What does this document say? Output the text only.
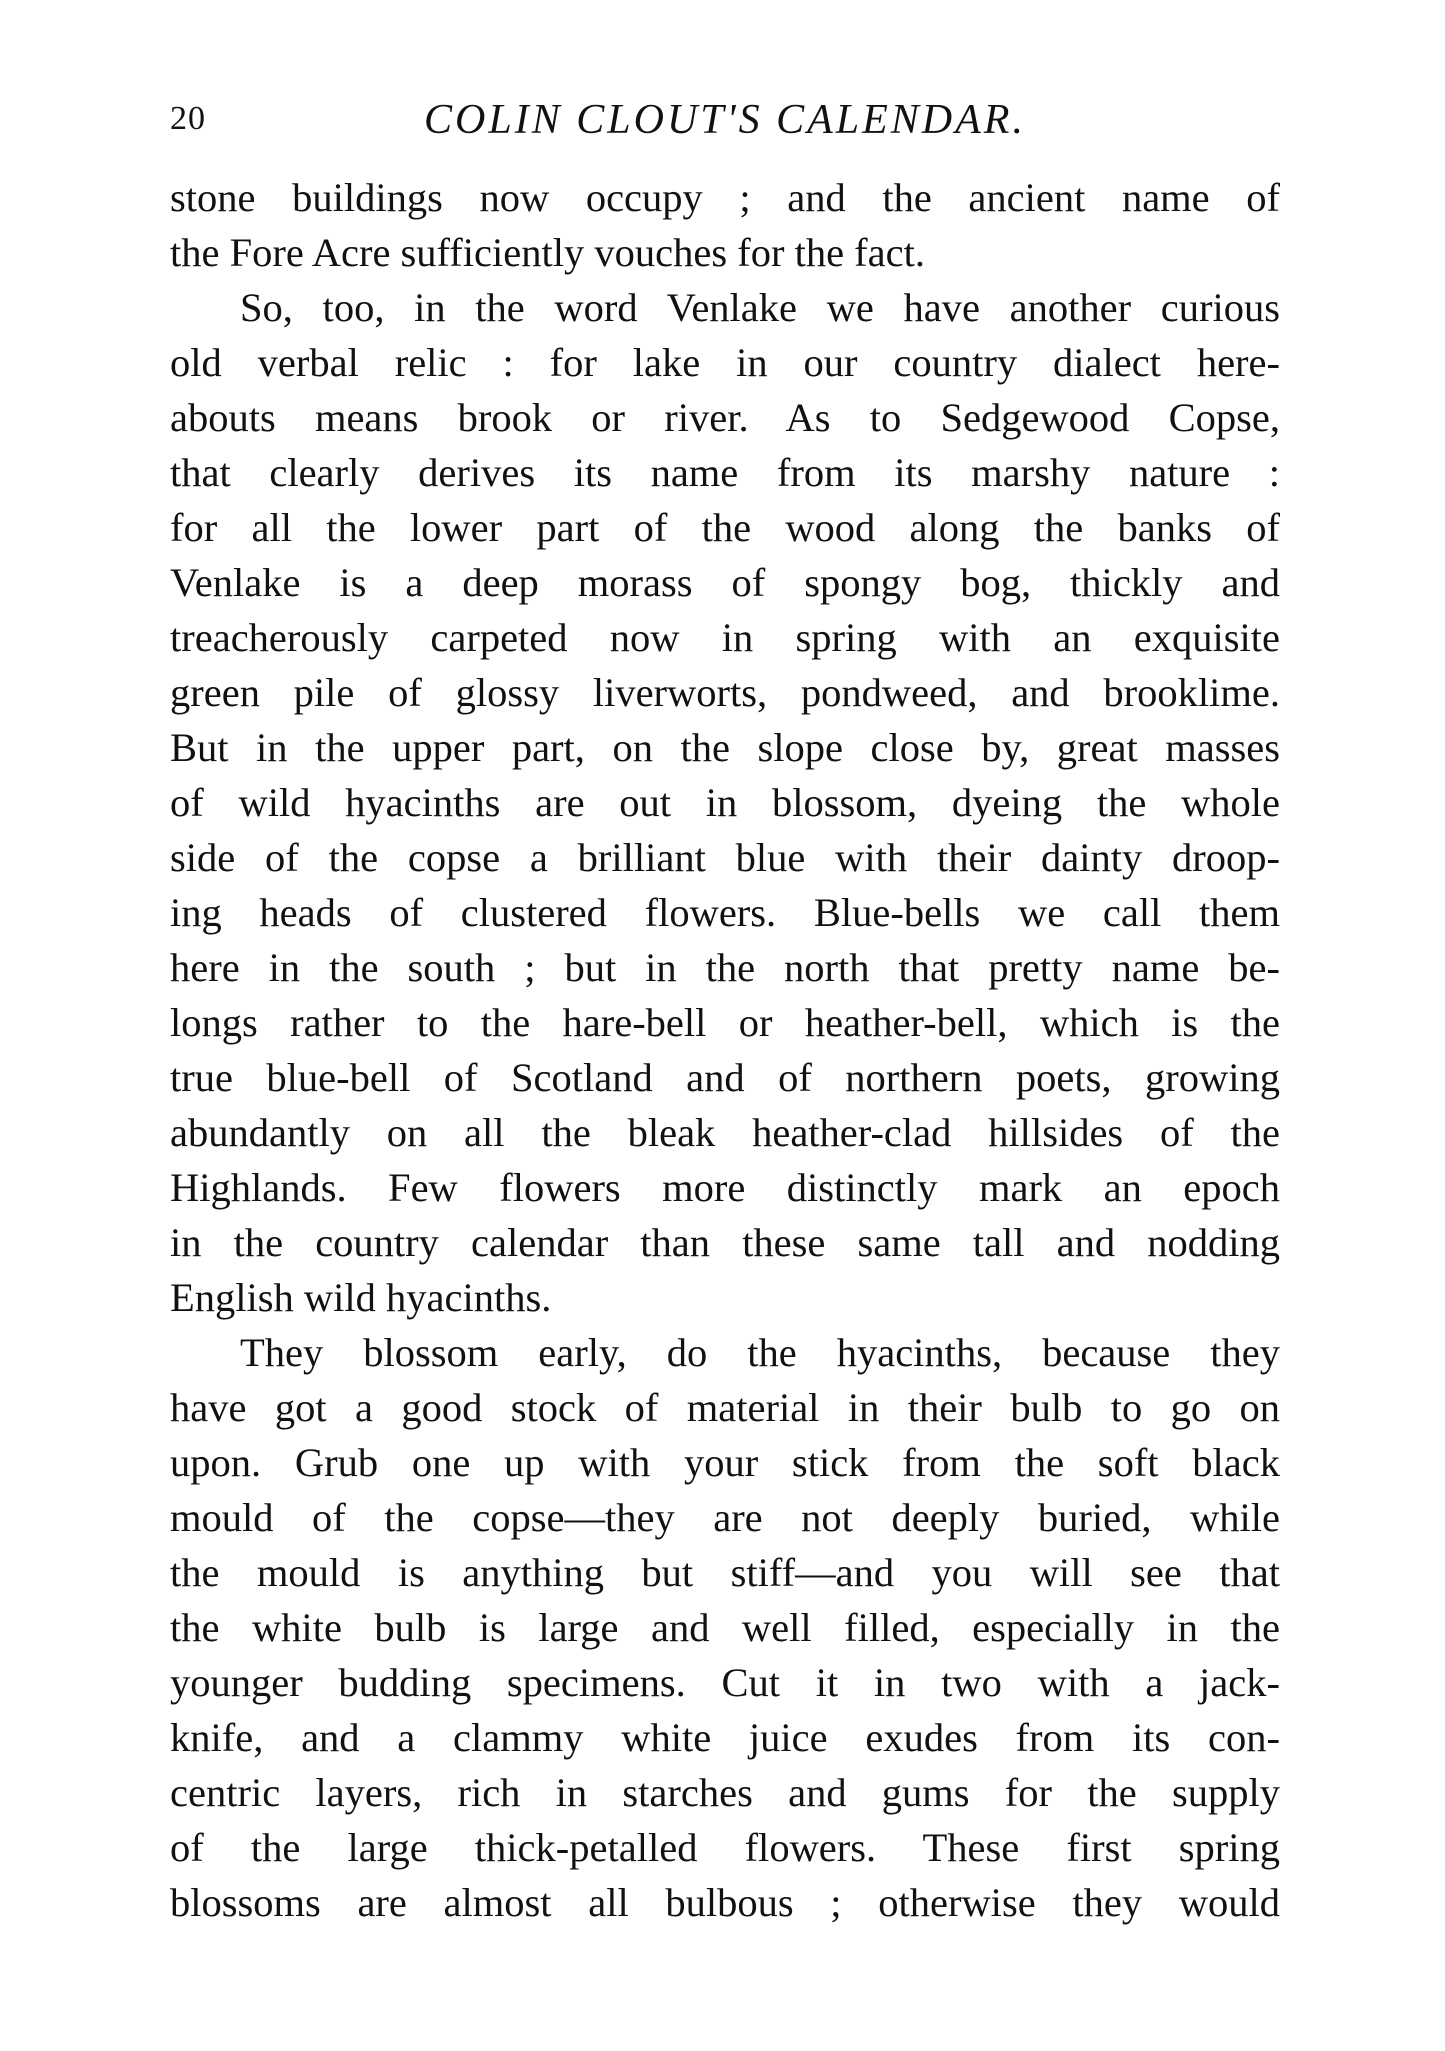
20	COLIN CLOUT'S CALENDAR.
stone buildings now occupy ; and the ancient name of
the Fore Acre sufficiently vouches for the fact.
So, too, in the word Venlake we have another curious
old verbal relic : for lake in our country dialect here-
abouts means brook or river. As to Sedgewood Copse,
that clearly derives its name from its marshy nature :
for all the lower part of the wood along the banks of
Venlake is a deep morass of spongy bog, thickly and
treacherously carpeted now in spring with an exquisite
green pile of glossy liverworts, pondweed, and brooklime.
But in the upper part, on the slope close by, great masses
of wild hyacinths are out in blossom, dyeing the whole
side of the copse a brilliant blue with their dainty droop-
ing heads of clustered flowers. Blue-bells we call them
here in the south ; but in the north that pretty name be-
longs rather to the hare-bell or heather-bell, which is the
true blue-bell of Scotland and of northern poets, growing
abundantly on all the bleak heather-clad hillsides of the
Highlands. Few flowers more distinctly mark an epoch
in the country calendar than these same tall and nodding
English wild hyacinths.
They blossom early, do the hyacinths, because they
have got a good stock of material in their bulb to go on
upon. Grub one up with your stick from the soft black
mould of the copse—they are not deeply buried, while
the mould is anything but stiff—and you will see that
the white bulb is large and well filled, especially in the
younger budding specimens. Cut it in two with a jack-
knife, and a clammy white juice exudes from its con-
centric layers, rich in starches and gums for the supply
of the large thick-petalled flowers. These first spring
blossoms are almost all bulbous ; otherwise they would
